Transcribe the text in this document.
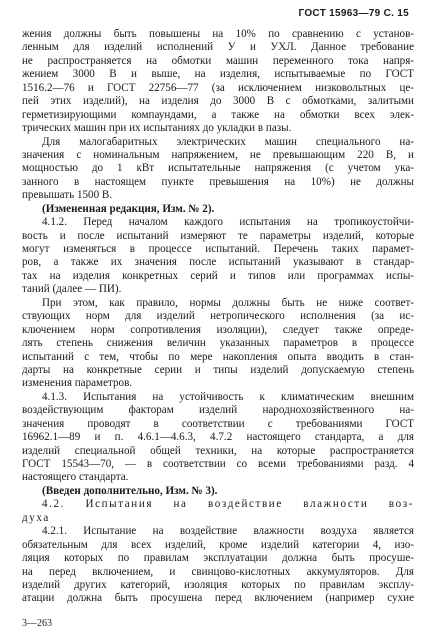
ГОСТ 15963—79 С. 15
жения должны быть повышены на 10% по сравнению с установ-
ленным для изделий исполнений У и УХЛ. Данное требование
не распространяется на обмотки машин переменного тока напря-
жением 3000 В и выше, на изделия, испытываемые по ГОСТ
1516.2—76 и ГОСТ 22756—77 (за исключением низковольтных це-
пей этих изделий), на изделия до 3000 В с обмотками, залитыми
герметизирующими компаундами, а также на обмотки всех элек-
трических машин при их испытаниях до укладки в пазы.
Для малогабаритных электрических машин специального на-
значения с номинальным напряжением, не превышающим 220 В, и
мощностью до 1 кВт испытательные напряжения (с учетом ука-
занного в настоящем пункте превышения на 10%) не должны
превышать 1500 В.
(Измененная редакция, Изм. № 2).
4.1.2. Перед началом каждого испытания на тропикоустойчи-
вость и после испытаний измеряют те параметры изделий, которые
могут изменяться в процессе испытаний. Перечень таких парамет-
ров, а также их значения после испытаний указывают в стандар-
тах на изделия конкретных серий и типов или программах испы-
таний (далее — ПИ).
При этом, как правило, нормы должны быть не ниже соответ-
ствующих норм для изделий нетропического исполнения (за ис-
ключением норм сопротивления изоляции), следует также опреде-
лять степень снижения величин указанных параметров в процессе
испытаний с тем, чтобы по мере накопления опыта вводить в стан-
дарты на конкретные серии и типы изделий допускаемую степень
изменения параметров.
4.1.3. Испытания на устойчивость к климатическим внешним
воздействующим факторам изделий народнохозяйственного на-
значения проводят в соответствии с требованиями ГОСТ
16962.1—89 и п. 4.6.1—4.6.3, 4.7.2 настоящего стандарта, а для
изделий специальной общей техники, на которые распространяется
ГОСТ 15543—70, — в соответствии со всеми требованиями разд. 4
настоящего стандарта.
(Введен дополнительно, Изм. № 3).
4.2. Испытания на воздействие влажности воз-
духа
4.2.1. Испытание на воздействие влажности воздуха является
обязательным для всех изделий, кроме изделий категории 4, изо-
ляция которых по правилам эксплуатации должна быть просуше-
на перед включением, и свинцово-кислотных аккумуляторов. Для
изделий других категорий, изоляция которых по правилам эксплу-
атации должна быть просушена перед включением (например сухие
3—263
